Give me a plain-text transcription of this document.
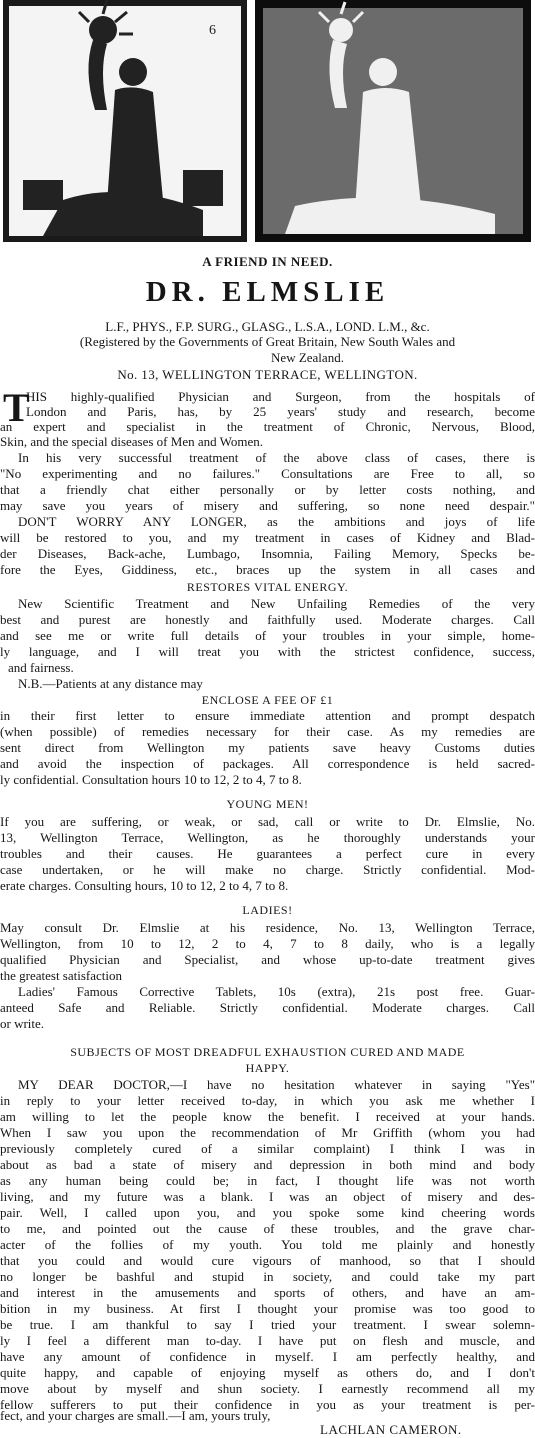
6
A FRIEND IN NEED.
DR. ELMSLIE
L.F., PHYS., F.P. SURG., GLASG., L.S.A., LOND. L.M., &c.
(Registered by the Governments of Great Britain, New South Wales and
New Zealand.
No. 13, WELLINGTON TERRACE, WELLINGTON.
T
HIS highly-qualified Physician and Surgeon, from the hospitals of
London and Paris, has, by 25 years' study and research, become
an expert and specialist in the treatment of Chronic, Nervous, Blood,
Skin, and the special diseases of Men and Women.
In his very successful treatment of the above class of cases, there is
"No experimenting and no failures." Consultations are Free to all, so
that a friendly chat either personally or by letter costs nothing, and
may save you years of misery and suffering, so none need despair."
DON'T WORRY ANY LONGER, as the ambitions and joys of life
will be restored to you, and my treatment in cases of Kidney and Blad-
der Diseases, Back-ache, Lumbago, Insomnia, Failing Memory, Specks be-
fore the Eyes, Giddiness, etc., braces up the system in all cases and
RESTORES VITAL ENERGY.
New Scientific Treatment and New Unfailing Remedies of the very
best and purest are honestly and faithfully used. Moderate charges. Call
and see me or write full details of your troubles in your simple, home-
ly language, and I will treat you with the strictest confidence, success,
and fairness.
N.B.—Patients at any distance may
ENCLOSE A FEE OF £1
in their first letter to ensure immediate attention and prompt despatch
(when possible) of remedies necessary for their case. As my remedies are
sent direct from Wellington my patients save heavy Customs duties
and avoid the inspection of packages. All correspondence is held sacred-
ly confidential. Consultation hours 10 to 12, 2 to 4, 7 to 8.
YOUNG MEN!
If you are suffering, or weak, or sad, call or write to Dr. Elmslie, No.
13, Wellington Terrace, Wellington, as he thoroughly understands your
troubles and their causes. He guarantees a perfect cure in every
case undertaken, or he will make no charge. Strictly confidential. Mod-
erate charges. Consulting hours, 10 to 12, 2 to 4, 7 to 8.
LADIES!
May consult Dr. Elmslie at his residence, No. 13, Wellington Terrace,
Wellington, from 10 to 12, 2 to 4, 7 to 8 daily, who is a legally
qualified Physician and Specialist, and whose up-to-date treatment gives
the greatest satisfaction
Ladies' Famous Corrective Tablets, 10s (extra), 21s post free. Guar-
anteed Safe and Reliable. Strictly confidential. Moderate charges. Call
or write.
SUBJECTS OF MOST DREADFUL EXHAUSTION CURED AND MADE
HAPPY.
MY DEAR DOCTOR,—I have no hesitation whatever in saying "Yes"
in reply to your letter received to-day, in which you ask me whether I
am willing to let the people know the benefit. I received at your hands.
When I saw you upon the recommendation of Mr Griffith (whom you had
previously completely cured of a similar complaint) I think I was in
about as bad a state of misery and depression in both mind and body
as any human being could be; in fact, I thought life was not worth
living, and my future was a blank. I was an object of misery and des-
pair. Well, I called upon you, and you spoke some kind cheering words
to me, and pointed out the cause of these troubles, and the grave char-
acter of the follies of my youth. You told me plainly and honestly
that you could and would cure vigours of manhood, so that I should
no longer be bashful and stupid in society, and could take my part
and interest in the amusements and sports of others, and have an am-
bition in my business. At first I thought your promise was too good to
be true. I am thankful to say I tried your treatment. I swear solemn-
ly I feel a different man to-day. I have put on flesh and muscle, and
have any amount of confidence in myself. I am perfectly healthy, and
quite happy, and capable of enjoying myself as others do, and I don't
move about by myself and shun society. I earnestly recommend all my
fellow sufferers to put their confidence in you as your treatment is per-
fect, and your charges are small.—I am, yours truly,
LACHLAN CAMERON.
